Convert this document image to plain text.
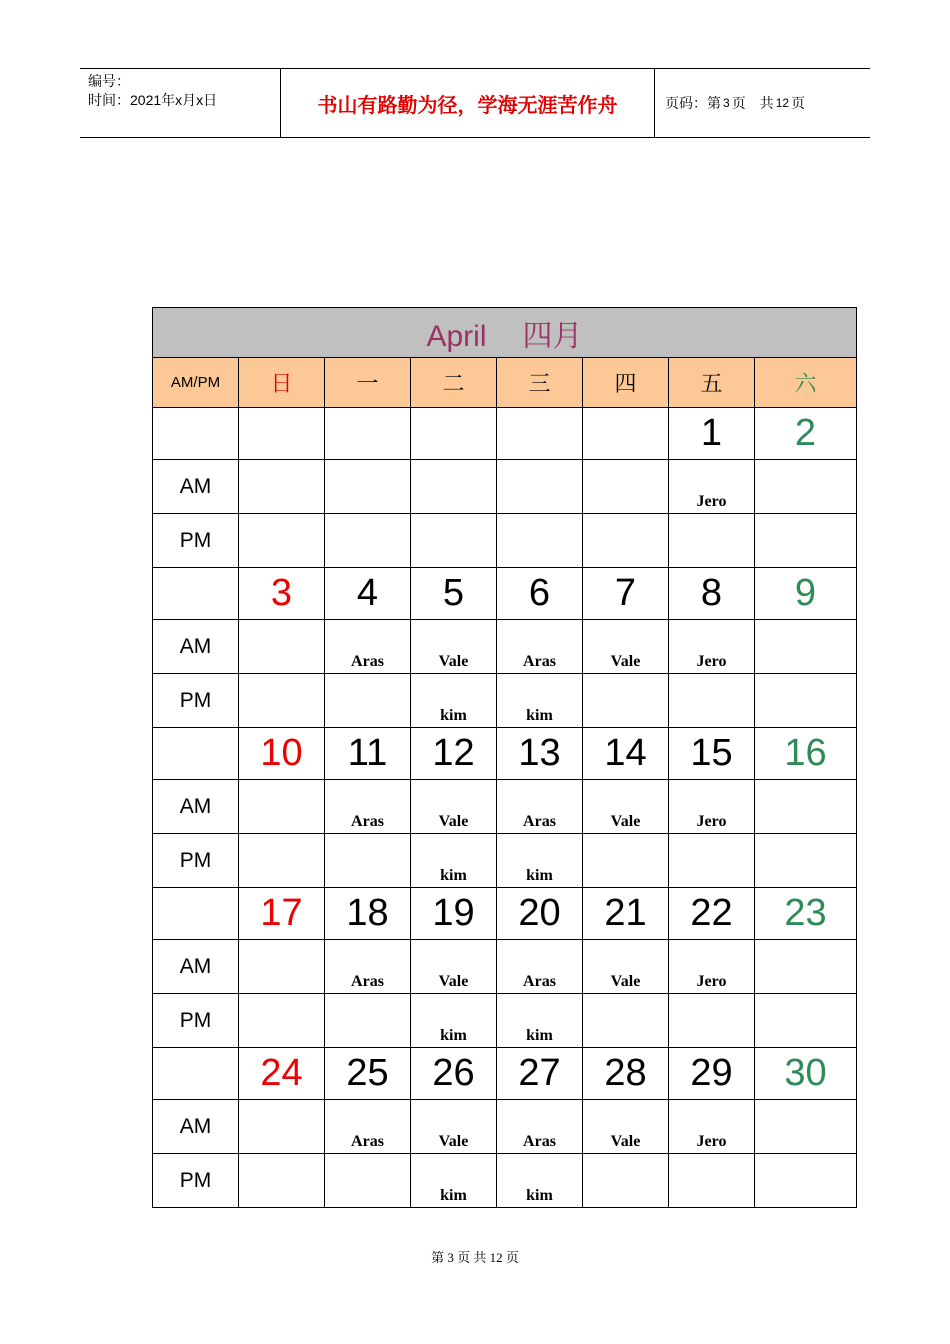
编号：
时间：2021年x月x日	书山有路勤为径，学海无涯苦作舟	页码：第 3 页　共 12 页
April 四月							
AM/PM	日	一	二	三	四	五	六
						1	2
AM						Jero	
PM							
	3	4	5	6	7	8	9
AM		Aras	Vale	Aras	Vale	Jero	
PM			kim	kim			
	10	11	12	13	14	15	16
AM		Aras	Vale	Aras	Vale	Jero	
PM			kim	kim			
	17	18	19	20	21	22	23
AM		Aras	Vale	Aras	Vale	Jero	
PM			kim	kim			
	24	25	26	27	28	29	30
AM		Aras	Vale	Aras	Vale	Jero	
PM			kim	kim			
第 3 页 共 12 页
